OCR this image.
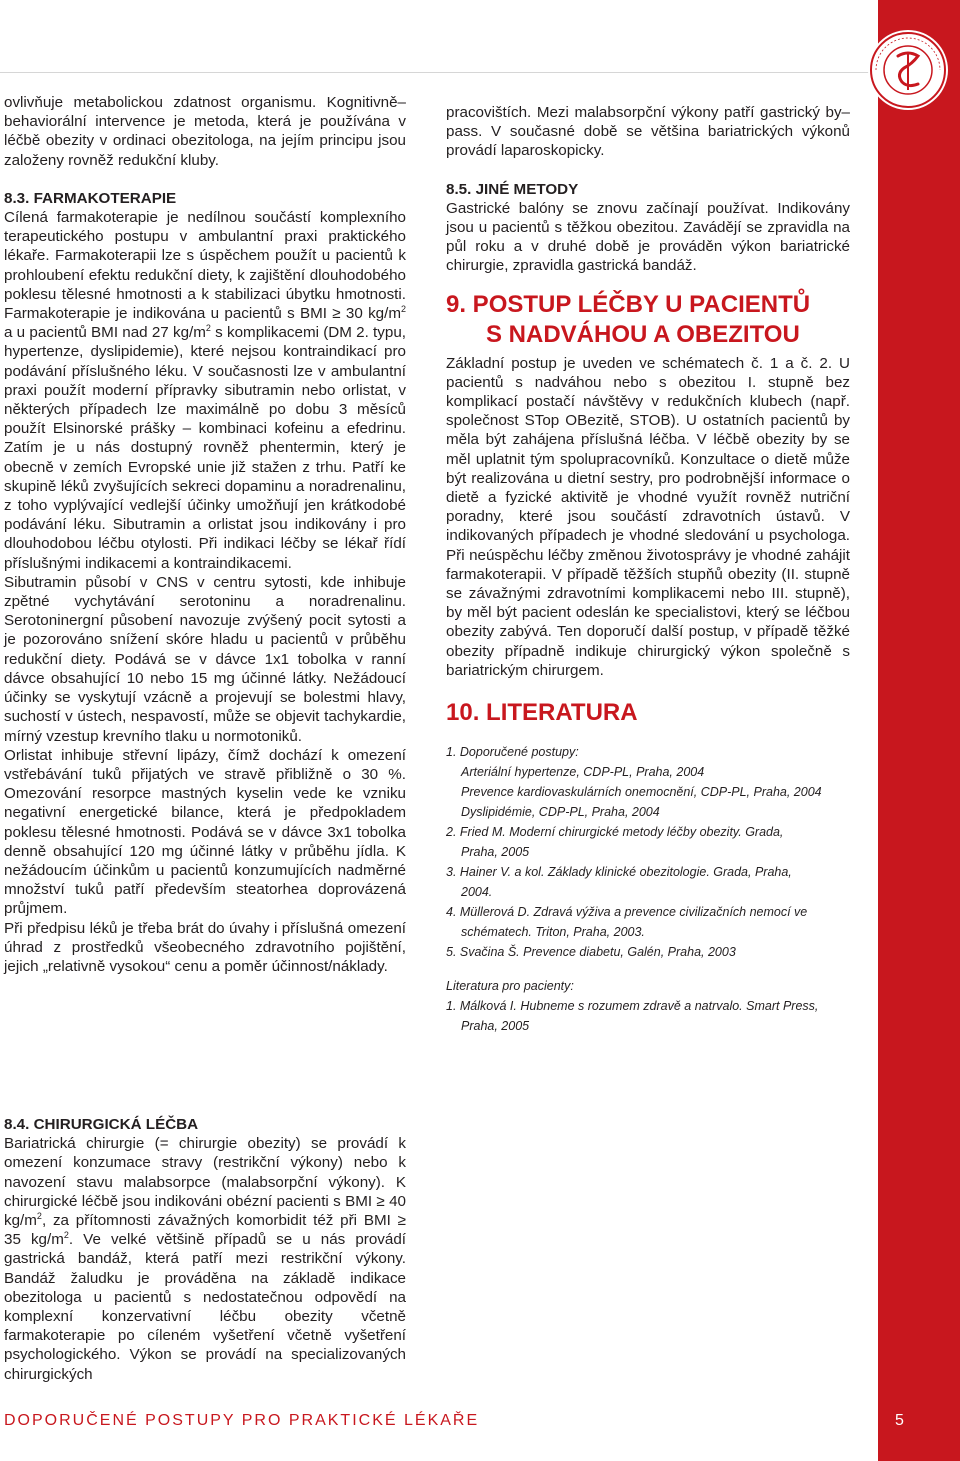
ovlivňuje metabolickou zdatnost organismu. Kognitivně–behaviorální intervence je metoda, která je používána v léčbě obezity v ordinaci obezitologa, na jejím principu jsou založeny rovněž redukční kluby.

8.3. FARMAKOTERAPIE

Cílená farmakoterapie je nedílnou součástí komplexního terapeutického postupu v ambulantní praxi praktického lékaře. Farmakoterapii lze s úspěchem použít u pacientů k prohloubení efektu redukční diety, k zajištění dlouhodobého poklesu tělesné hmotnosti a k stabilizaci úbytku hmotnosti. Farmakoterapie je indikována u pacientů s BMI ≥ 30 $kg/m^2$ a u pacientů BMI nad 27 $kg/m^2$ s komplikacemi (DM 2. typu, hypertenze, dyslipidemie), které nejsou kontraindikací pro podávání příslušného léku. V současnosti lze v ambulantní praxi použít moderní přípravky sibutramin nebo orlistat, v některých případech lze maximálně po dobu 3 měsíců použít Elsinorské prášky – kombinaci kofeinu a efedrinu. Zatím je u nás dostupný rovněž phentermin, který je obecně v zemích Evropské unie již stažen z trhu. Patří ke skupině léků zvyšujících sekreci dopaminu a noradrenalinu, z toho vyplývající vedlejší účinky umožňují jen krátkodobé podávání léku. Sibutramin a orlistat jsou indikovány i pro dlouhodobou léčbu otylosti. Při indikaci léčby se lékař řídí příslušnými indikacemi a kontraindikacemi.

Sibutramin působí v CNS v centru sytosti, kde inhibuje zpětné vychytávání serotoninu a noradrenalinu. Serotoninergní působení navozuje zvýšený pocit sytosti a je pozorováno snížení skóre hladu u pacientů v průběhu redukční diety. Podává se v dávce 1x1 tobolka v ranní dávce obsahující 10 nebo 15 mg účinné látky. Nežádoucí účinky se vyskytují vzácně a projevují se bolestmi hlavy, suchostí v ústech, nespavostí, může se objevit tachykardie, mírný vzestup krevního tlaku u normotoniků.

Orlistat inhibuje střevní lipázy, čímž dochází k omezení vstřebávání tuků přijatých ve stravě přibližně o 30 %. Omezování resorpce mastných kyselin vede ke vzniku negativní energetické bilance, která je předpokladem poklesu tělesné hmotnosti. Podává se v dávce 3x1 tobolka denně obsahující 120 mg účinné látky v průběhu jídla. K nežádoucím účinkům u pacientů konzumujících nadměrné množství tuků patří především steatorhea doprovázená průjmem.

Při předpisu léků je třeba brát do úvahy i příslušná omezení úhrad z prostředků všeobecného zdravotního pojištění, jejich „relativně vysokou“ cenu a poměr účinnost/náklady.

8.4. CHIRURGICKÁ LÉČBA

Bariatrická chirurgie (= chirurgie obezity) se provádí k omezení konzumace stravy (restrikční výkony) nebo k navození stavu malabsorpce (malabsorpční výkony). K chirurgické léčbě jsou indikováni obézní pacienti s BMI ≥ 40 $kg/m^2$, za přítomnosti závažných komorbidit též při BMI ≥ 35 $kg/m^2$. Ve velké většině případů se u nás provádí gastrická bandáž, která patří mezi restrikční výkony. Bandáž žaludku je prováděna na základě indikace obezitologa u pacientů s nedostatečnou odpovědí na komplexní konzervativní léčbu obezity včetně farmakoterapie po cíleném vyšetření včetně vyšetření psychologického. Výkon se provádí na specializovaných chirurgických

pracovištích. Mezi malabsorpční výkony patří gastrický by–pass. V současné době se většina bariatrických výkonů provádí laparoskopicky.

8.5. JINÉ METODY

Gastrické balóny se znovu začínají používat. Indikovány jsou u pacientů s těžkou obezitou. Zavádějí se zpravidla na půl roku a v druhé době je prováděn výkon bariatrické chirurgie, zpravidla gastrická bandáž.

9. POSTUP LÉČBY U PACIENTŮ
S NADVÁHOU A OBEZITOU

Základní postup je uveden ve schématech č. 1 a č. 2. U pacientů s nadváhou nebo s obezitou I. stupně bez komplikací postačí návštěvy v redukčních klubech (např. společnost STop OBezitě, STOB). U ostatních pacientů by měla být zahájena příslušná léčba. V léčbě obezity by se měl uplatnit tým spolupracovníků. Konzultace o dietě může být realizována u dietní sestry, pro podrobnější informace o dietě a fyzické aktivitě je vhodné využít rovněž nutriční poradny, které jsou součástí zdravotních ústavů. V indikovaných případech je vhodné sledování u psychologa. Při neúspěchu léčby změnou životosprávy je vhodné zahájit farmakoterapii. V případě těžších stupňů obezity (II. stupně se závažnými zdravotními komplikacemi nebo III. stupně), by měl být pacient odeslán ke specialistovi, který se léčbou obezity zabývá. Ten doporučí další postup, v případě těžké obezity případně indikuje chirurgický výkon společně s bariatrickým chirurgem.

10. LITERATURA

1. Doporučené postupy:

Arteriální hypertenze, CDP-PL, Praha, 2004

Prevence kardiovaskulárních onemocnění, CDP-PL, Praha, 2004

Dyslipidémie, CDP-PL, Praha, 2004

2. Fried M. Moderní chirurgické metody léčby obezity. Grada,

Praha, 2005

3. Hainer V. a kol. Základy klinické obezitologie. Grada, Praha,

2004.

4. Müllerová D. Zdravá výživa a prevence civilizačních nemocí ve

schématech. Triton, Praha, 2003.

5. Svačina Š. Prevence diabetu, Galén, Praha, 2003

Literatura pro pacienty:

1. Málková I. Hubneme s rozumem zdravě a natrvalo. Smart Press,

Praha, 2005

DOPORUČENÉ POSTUPY PRO PRAKTICKÉ LÉKAŘE	5
